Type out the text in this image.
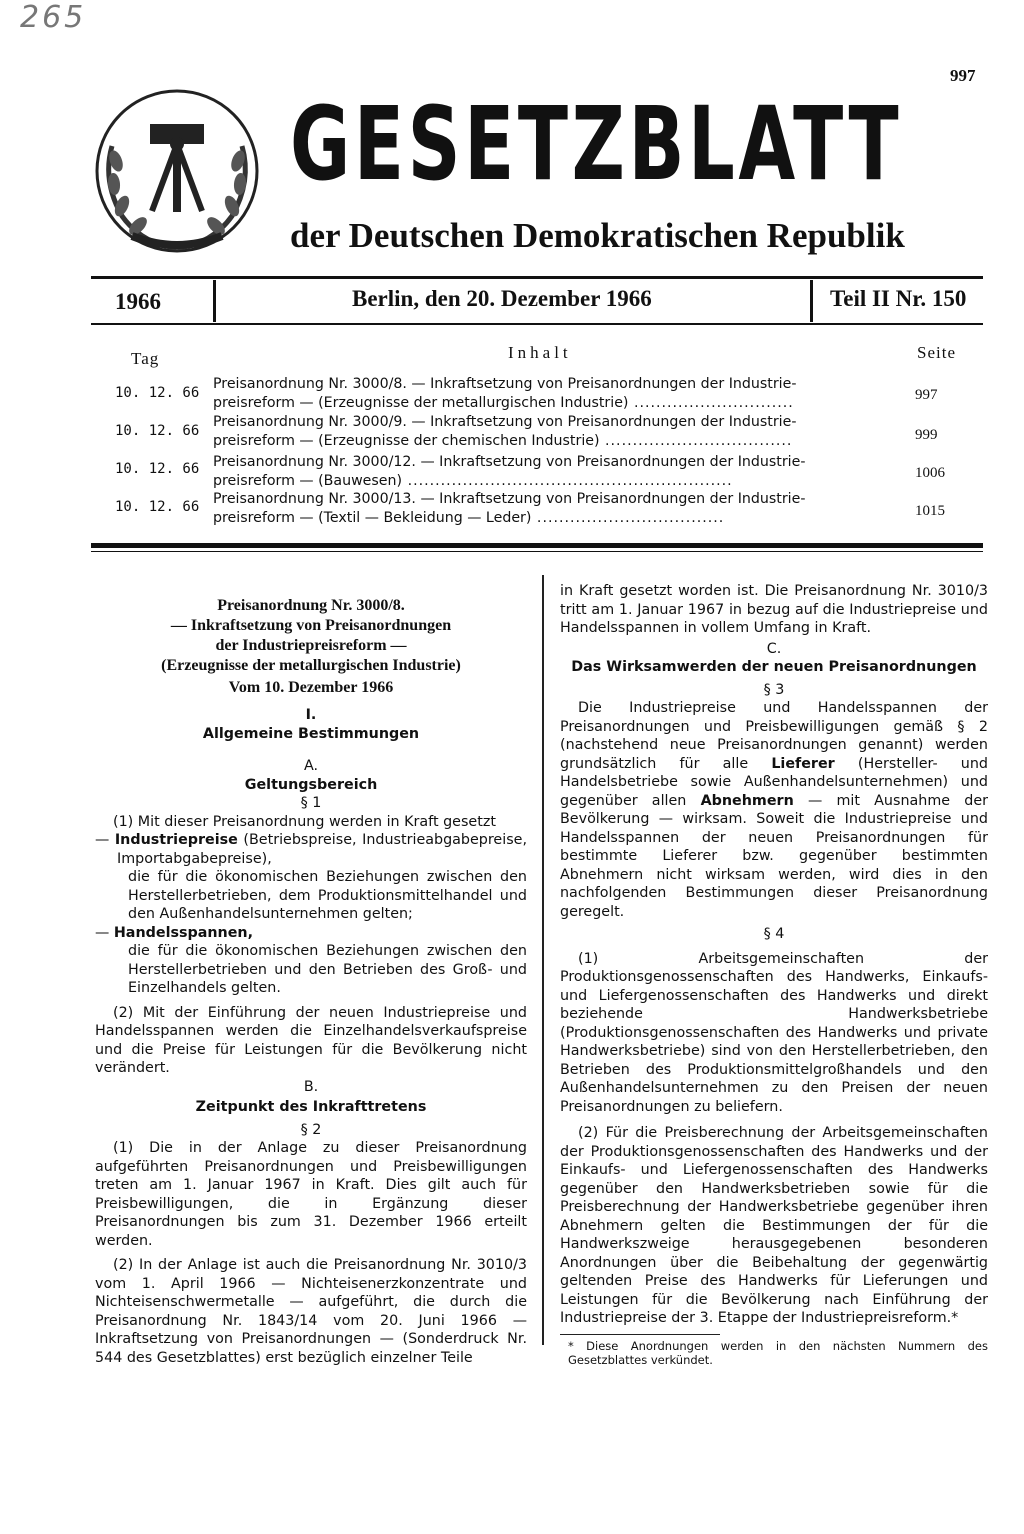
265
997
GESETZBLATT
der Deutschen Demokratischen Republik
1966	Berlin, den 20. Dezember 1966	Teil II Nr. 150
Tag	Inhalt	Seite
10. 12. 66
Preisanordnung Nr. 3000/8. — Inkraftsetzung von Preisanordnungen der Industrie-
preisreform — (Erzeugnisse der metallurgischen Industrie) .............................	997
10. 12. 66
Preisanordnung Nr. 3000/9. — Inkraftsetzung von Preisanordnungen der Industrie-
preisreform — (Erzeugnisse der chemischen Industrie) ..................................	999
10. 12. 66 Preisanordnung Nr. 3000/12. — Inkraftsetzung von Preisanordnungen der Industrie-
preisreform — (Bauwesen) ...........................................................	1006
10. 12. 66 Preisanordnung Nr. 3000/13. — Inkraftsetzung von Preisanordnungen der Industrie-
preisreform — (Textil — Bekleidung — Leder) ..................................	1015

Preisanordnung Nr. 3000/8.

— Inkraftsetzung von Preisanordnungen

der Industriepreisreform —

(Erzeugnisse der metallurgischen Industrie)

Vom 10. Dezember 1966

I.

Allgemeine Bestimmungen

A.

Geltungsbereich

§ 1

(1) Mit dieser Preisanordnung werden in Kraft gesetzt

— Industriepreise (Betriebspreise, Industrieabgabepreise, Importabgabepreise),

die für die ökonomischen Beziehungen zwischen den Herstellerbetrieben, dem Produktionsmittelhandel und den Außenhandelsunternehmen gelten;

— Handelsspannen,

die für die ökonomischen Beziehungen zwischen den Herstellerbetrieben und den Betrieben des Groß- und Einzelhandels gelten.

(2) Mit der Einführung der neuen Industriepreise und Handelsspannen werden die Einzelhandelsverkaufspreise und die Preise für Leistungen für die Bevölkerung nicht verändert.

B.

Zeitpunkt des Inkrafttretens

§ 2

(1) Die in der Anlage zu dieser Preisanordnung aufgeführten Preisanordnungen und Preisbewilligungen treten am 1. Januar 1967 in Kraft. Dies gilt auch für Preisbewilligungen, die in Ergänzung dieser Preisanordnungen bis zum 31. Dezember 1966 erteilt werden.

(2) In der Anlage ist auch die Preisanordnung Nr. 3010/3 vom 1. April 1966 — Nichteisenerzkonzentrate und Nichteisenschwermetalle — aufgeführt, die durch die Preisanordnung Nr. 1843/14 vom 20. Juni 1966 — Inkraftsetzung von Preisanordnungen — (Sonderdruck Nr. 544 des Gesetzblattes) erst bezüglich einzelner Teile

in Kraft gesetzt worden ist. Die Preisanordnung Nr. 3010/3 tritt am 1. Januar 1967 in bezug auf die Industriepreise und Handelsspannen in vollem Umfang in Kraft.

C.

Das Wirksamwerden der neuen Preisanordnungen

§ 3

Die Industriepreise und Handelsspannen der Preisanordnungen und Preisbewilligungen gemäß § 2 (nachstehend neue Preisanordnungen genannt) werden grundsätzlich für alle Lieferer (Hersteller- und Handelsbetriebe sowie Außenhandelsunternehmen) und gegenüber allen Abnehmern — mit Ausnahme der Bevölkerung — wirksam. Soweit die Industriepreise und Handelsspannen der neuen Preisanordnungen für bestimmte Lieferer bzw. gegenüber bestimmten Abnehmern nicht wirksam werden, wird dies in den nachfolgenden Bestimmungen dieser Preisanordnung geregelt.

§ 4

(1) Arbeitsgemeinschaften der Produktionsgenossenschaften des Handwerks, Einkaufs- und Liefergenossenschaften des Handwerks und direkt beziehende Handwerksbetriebe (Produktionsgenossenschaften des Handwerks und private Handwerksbetriebe) sind von den Herstellerbetrieben, den Betrieben des Produktionsmittelgroßhandels und den Außenhandelsunternehmen zu den Preisen der neuen Preisanordnungen zu beliefern.

(2) Für die Preisberechnung der Arbeitsgemeinschaften der Produktionsgenossenschaften des Handwerks und der Einkaufs- und Liefergenossenschaften des Handwerks gegenüber den Handwerksbetrieben sowie für die Preisberechnung der Handwerksbetriebe gegenüber ihren Abnehmern gelten die Bestimmungen der für die Handwerkszweige herausgegebenen besonderen Anordnungen über die Beibehaltung der gegenwärtig geltenden Preise des Handwerks für Lieferungen und Leistungen für die Bevölkerung nach Einführung der Industriepreise der 3. Etappe der Industriepreisreform.*

* Diese Anordnungen werden in den nächsten Nummern des Gesetzblattes verkündet.
